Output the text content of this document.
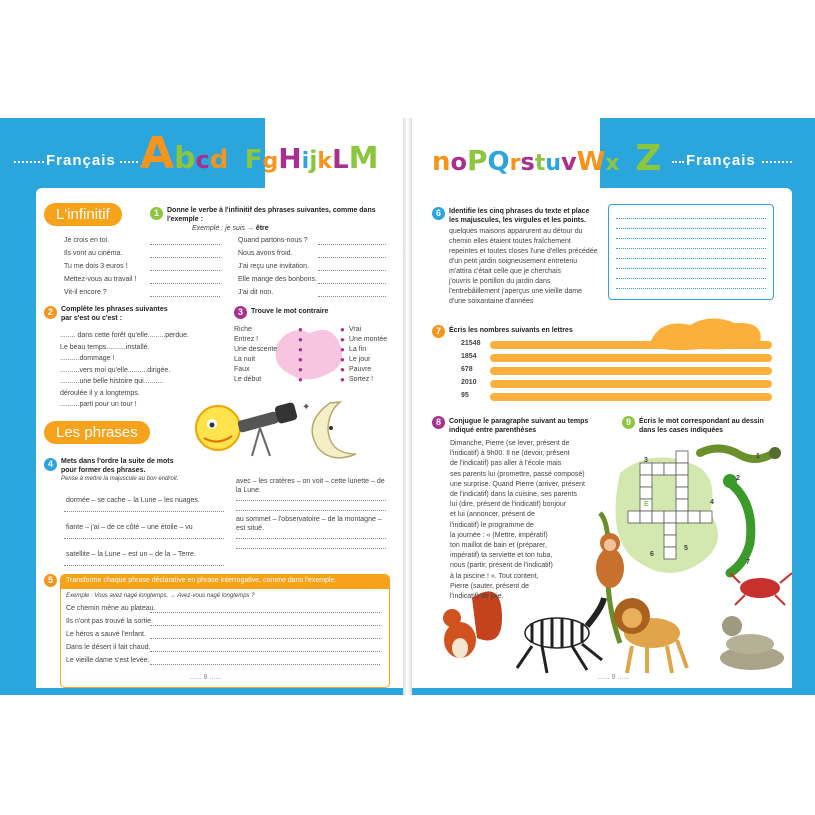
Français AbcdeFgHijkLM noPQrstuvWxyZ Français
L'infinitif	1	Donne le verbe à l'infinitif des phrases suivantes, comme dans l'exemple :
Exemple : je suis → être
2	Complète les phrases suivantes par s'est ou c'est :
3	Trouve le mot contraire
Les phrases
✦
4	Mets dans l'ordre la suite de mots pour former des phrases.
Pense à mettre la majuscule au bon endroit.
5	Transforme chaque phrase déclarative en phrase interrogative, comme dans l'exemple.
Exemple : Vous avez nagé longtemps. → Avez-vous nagé longtemps ?
...... 8 ......
6	Identifie les cinq phrases du texte et place les majuscules, les virgules et les points.
7	Écris les nombres suivants en lettres
8	Conjugue le paragraphe suivant au temps indiqué entre parenthèses
9	Écris le mot correspondant au dessin dans les cases indiquées
...... 9 ......
Je crois en toi.
Ils vont au cinéma.
Tu me dois 3 euros !
Mettez-vous au travail !
Vit-il encore ?
Quand partons-nous ?
Nous avons froid.
J'ai reçu une invitation.
Elle mange des bonbons.
J'ai dit non.
........ dans cette forêt qu'elle.........perdue.
Le beau temps..........installé.
..........dommage !
..........vers moi qu'elle..........dirigée.
..........une belle histoire qui..........
déroulée il y a longtemps.
..........parti pour un tour !
Riche	●
Entrez !	●
Une descente	●
La nuit	●
Faux	●
Le début	●
● Vrai
● Une montée
● La fin
● Le jour
● Pauvre
● Sortez !
dormée – se cache – la Lune – les nuages.
fiante – j'ai – de ce côté – une étoile – vu
satellite – la Lune – est un – de la – Terre.
avec – les cratères – on voit – cette lunette – de la Lune.
au sommet – l'observatoire – de la montagne – est situé.
Ce chemin mène au plateau.
Ils n'ont pas trouvé la sortie.
Le héros a sauvé l'enfant.
Dans le désert il fait chaud.
Le vieille dame s'est levée.
quelques maisons apparurent au détour du
chemin elles étaient toutes fraîchement
repeintes et toutes closes l'une d'elles précédée
d'un petit jardin soigneusement entretenu
m'attira c'était celle que je cherchais
j'ouvris le portillon du jardin dans
l'entrebâillement j'aperçus une vieille dame
d'une soixantaine d'années
21548
1854
678
2010
95
Dimanche, Pierre (se lever, présent de
l'indicatif) à 9h00. Il ne (devoir, présent
de l'indicatif) pas aller à l'école mais
ses parents lui (promettre, passé composé)
une surprise. Quand Pierre (arriver, présent
de l'indicatif) dans la cuisine, ses parents
lui (dire, présent de l'indicatif) bonjour
et lui (annoncer, présent de
l'indicatif) le programme de
la journée : « (Mettre, impératif)
ton maillot de bain et (préparer,
impératif) ta serviette et ton tuba,
nous (partir, présent de l'indicatif)
à la piscine ! ». Tout content,
Pierre (sauter, présent de
l'indicatif) de joie.
1
2
3
4
5
6
7
E
